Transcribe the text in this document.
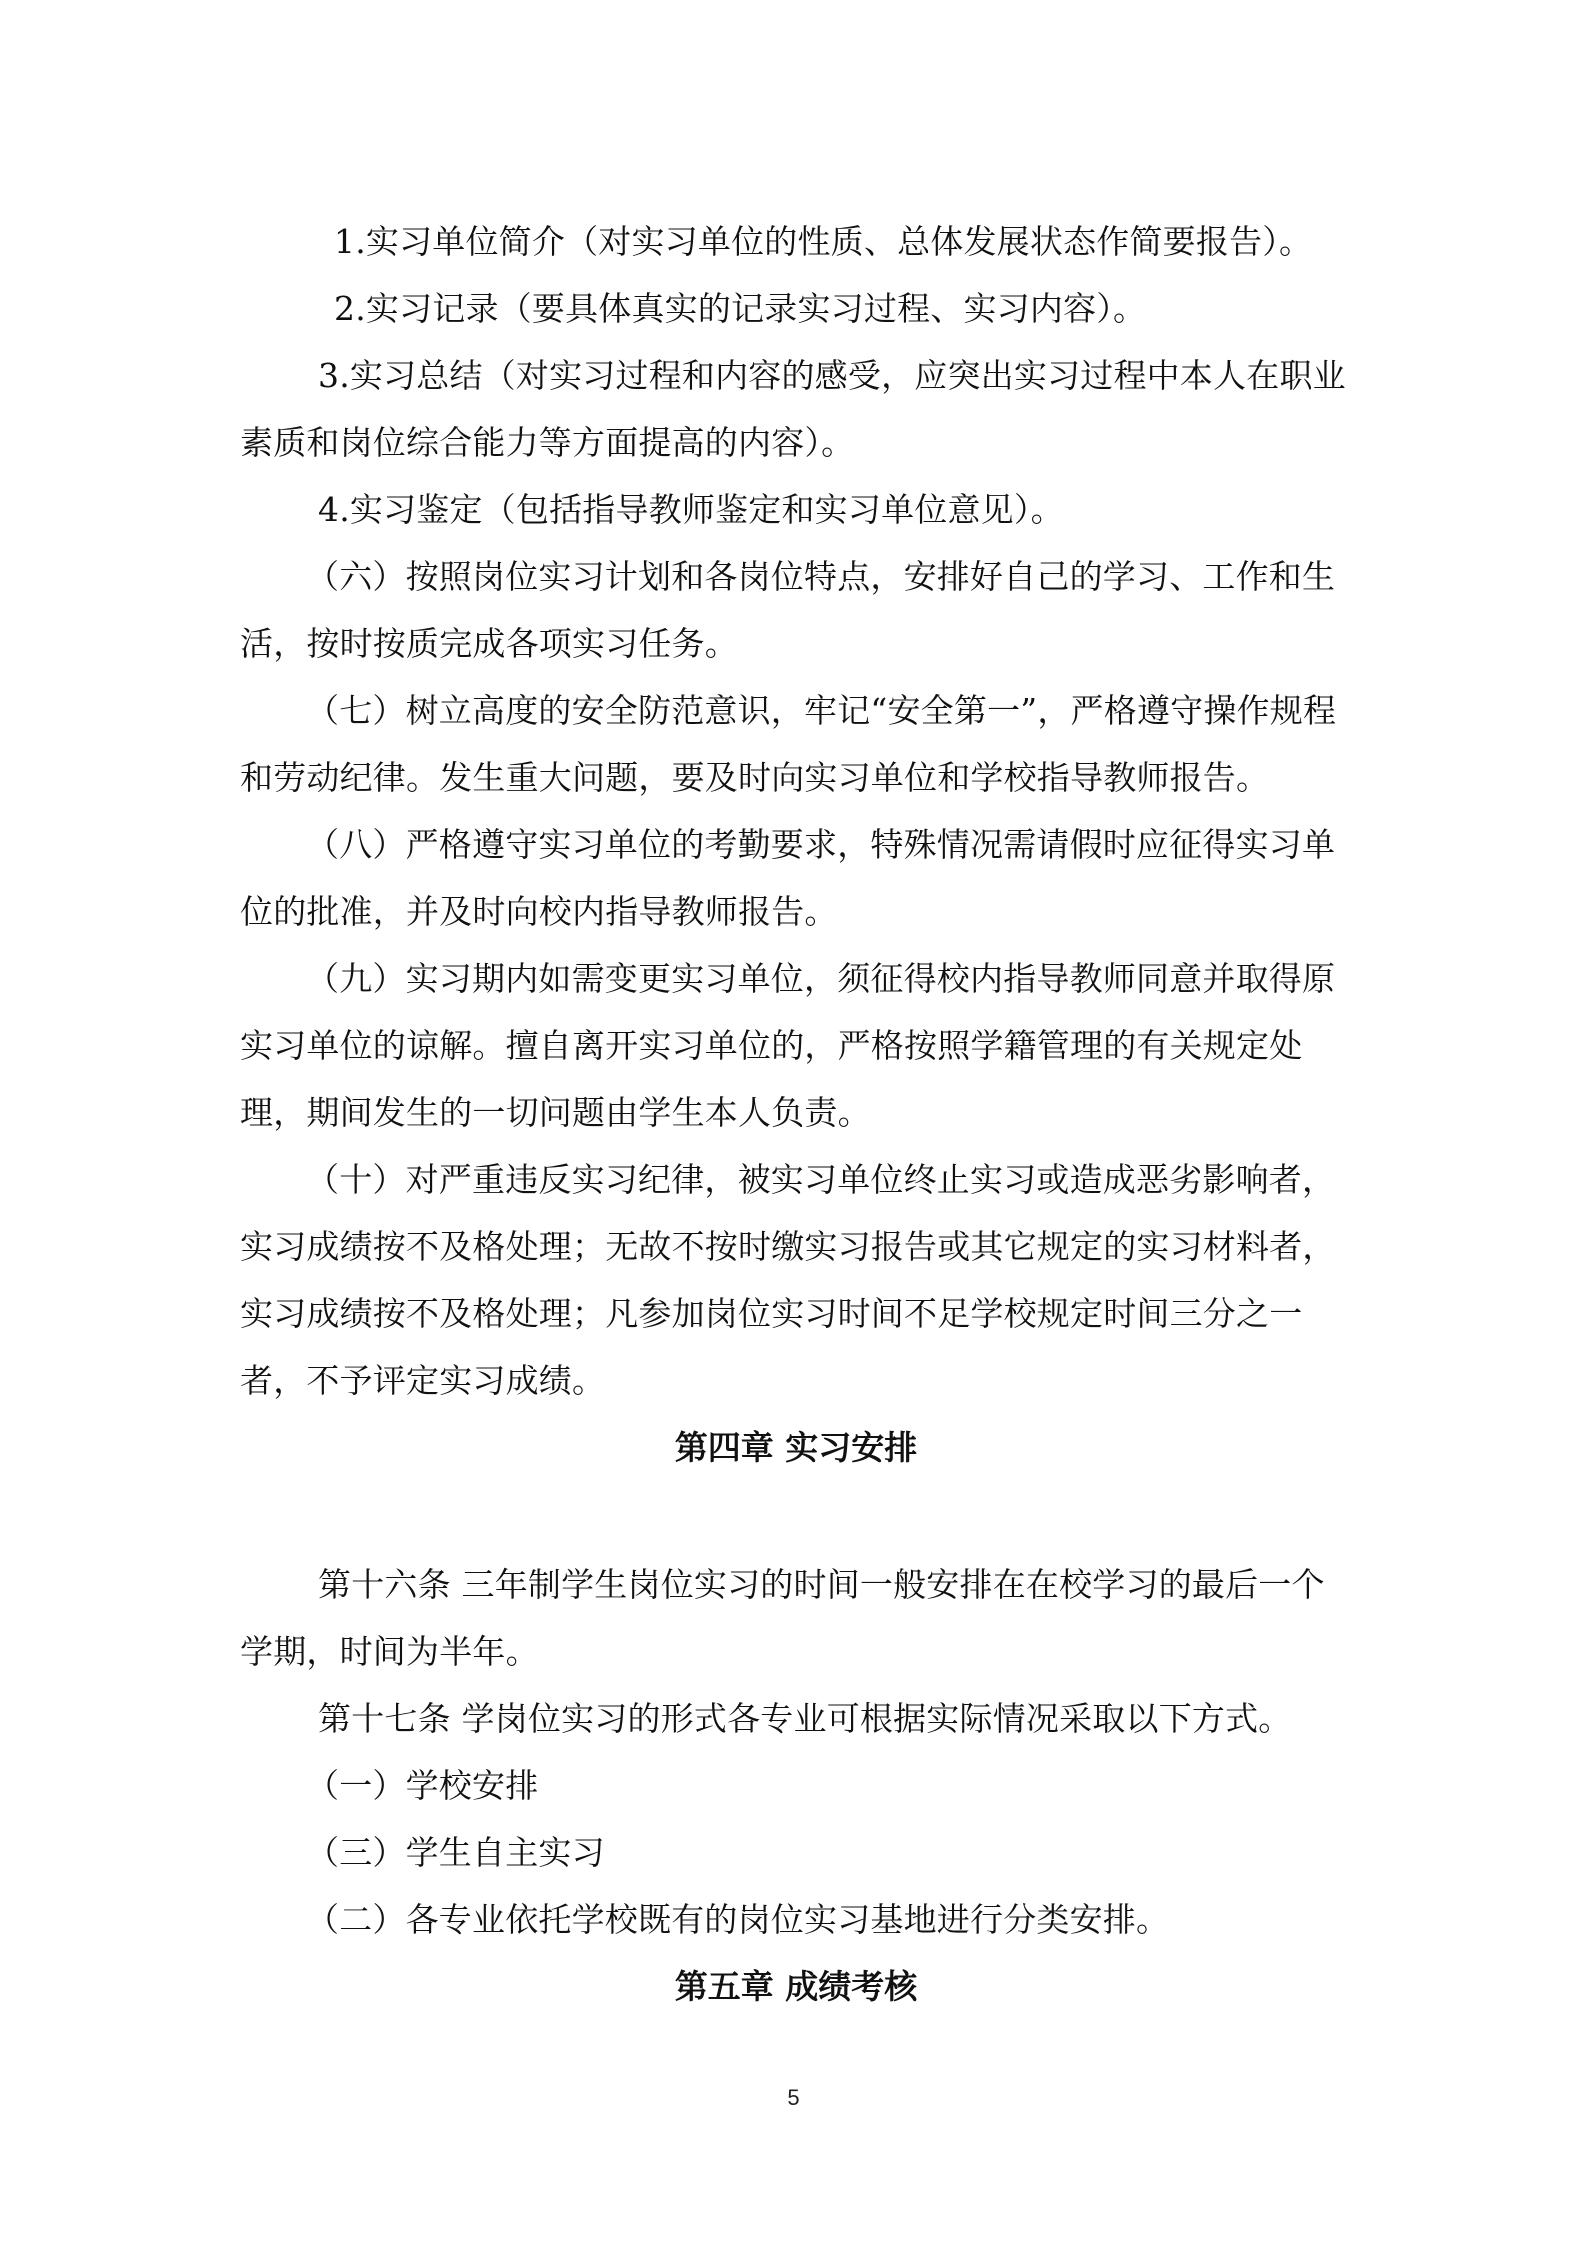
1.实习单位简介（对实习单位的性质、总体发展状态作简要报告）。

2.实习记录（要具体真实的记录实习过程、实习内容）。

3.实习总结（对实习过程和内容的感受，应突出实习过程中本人在职业素质和岗位综合能力等方面提高的内容）。

4.实习鉴定（包括指导教师鉴定和实习单位意见）。

（六）按照岗位实习计划和各岗位特点，安排好自己的学习、工作和生活，按时按质完成各项实习任务。

（七）树立高度的安全防范意识，牢记“安全第一”，严格遵守操作规程和劳动纪律。发生重大问题，要及时向实习单位和学校指导教师报告。

（八）严格遵守实习单位的考勤要求，特殊情况需请假时应征得实习单位的批准，并及时向校内指导教师报告。

（九）实习期内如需变更实习单位，须征得校内指导教师同意并取得原实习单位的谅解。擅自离开实习单位的，严格按照学籍管理的有关规定处理，期间发生的一切问题由学生本人负责。

（十）对严重违反实习纪律，被实习单位终止实习或造成恶劣影响者，实习成绩按不及格处理；无故不按时缴实习报告或其它规定的实习材料者，实习成绩按不及格处理；凡参加岗位实习时间不足学校规定时间三分之一者，不予评定实习成绩。

第四章 实习安排

第十六条 三年制学生岗位实习的时间一般安排在在校学习的最后一个学期，时间为半年。

第十七条 学岗位实习的形式各专业可根据实际情况采取以下方式。

（一）学校安排

（三）学生自主实习

（二）各专业依托学校既有的岗位实习基地进行分类安排。

第五章 成绩考核
5
